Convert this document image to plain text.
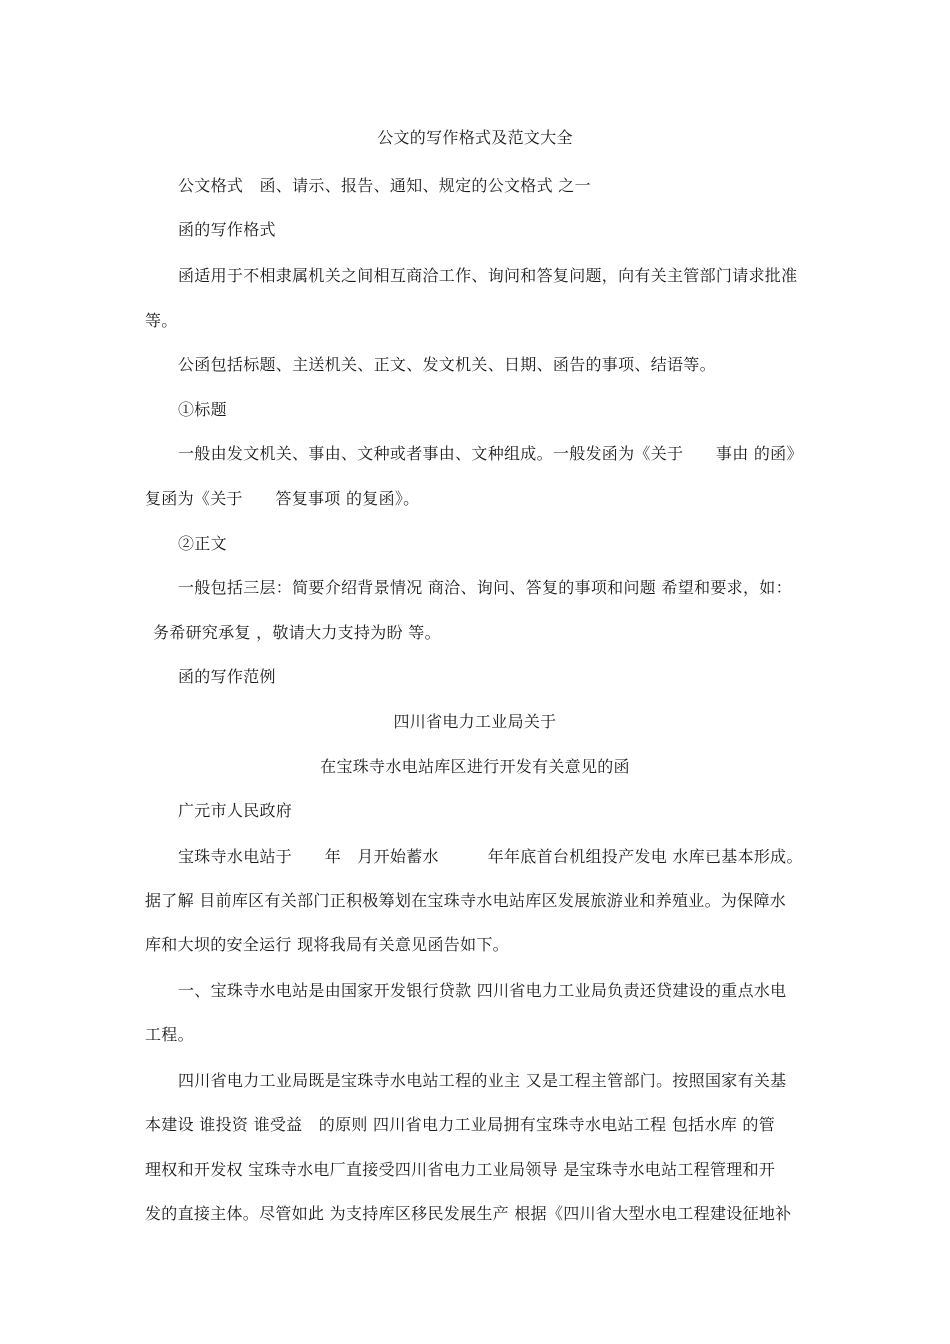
公文的写作格式及范文大全
公文格式　函、请示、报告、通知、规定的公文格式 之一
函的写作格式
函适用于不相隶属机关之间相互商洽工作、询问和答复问题，向有关主管部门请求批准
等。
公函包括标题、主送机关、正文、发文机关、日期、函告的事项、结语等。
①标题
一般由发文机关、事由、文种或者事由、文种组成。一般发函为《关于　　事由 的函》
复函为《关于　　答复事项 的复函》。
②正文
一般包括三层：简要介绍背景情况 商洽、询问、答复的事项和问题 希望和要求，如：
务希研究承复 ，敬请大力支持为盼 等。
函的写作范例
四川省电力工业局关于
在宝珠寺水电站库区进行开发有关意见的函
广元市人民政府
宝珠寺水电站于　　年　月开始蓄水　　　年年底首台机组投产发电 水库已基本形成。
据了解 目前库区有关部门正积极筹划在宝珠寺水电站库区发展旅游业和养殖业。为保障水
库和大坝的安全运行 现将我局有关意见函告如下。
一、宝珠寺水电站是由国家开发银行贷款 四川省电力工业局负责还贷建设的重点水电
工程。
四川省电力工业局既是宝珠寺水电站工程的业主 又是工程主管部门。按照国家有关基
本建设 谁投资 谁受益　的原则 四川省电力工业局拥有宝珠寺水电站工程 包括水库 的管
理权和开发权 宝珠寺水电厂直接受四川省电力工业局领导 是宝珠寺水电站工程管理和开
发的直接主体。尽管如此 为支持库区移民发展生产 根据《四川省大型水电工程建设征地补
